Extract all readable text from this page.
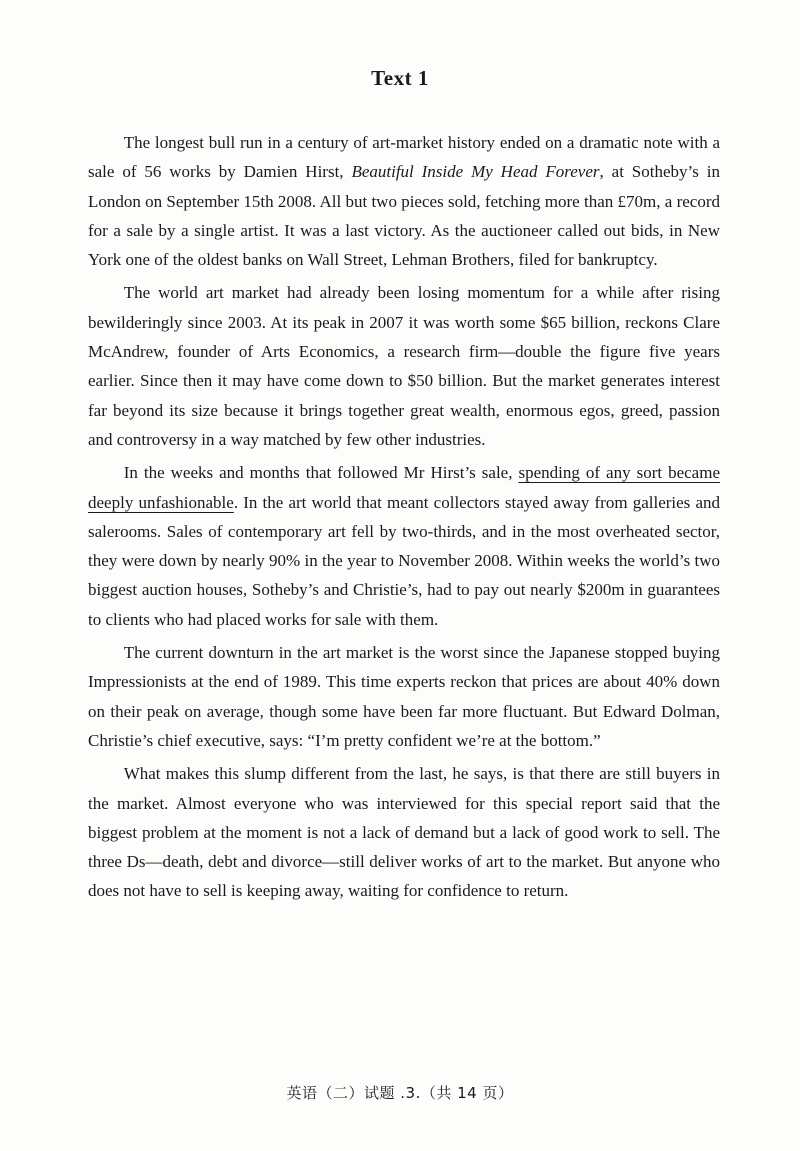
Text 1

The longest bull run in a century of art-market history ended on a dramatic note with a sale of 56 works by Damien Hirst, Beautiful Inside My Head Forever, at Sotheby’s in London on September 15th 2008. All but two pieces sold, fetching more than £70m, a record for a sale by a single artist. It was a last victory. As the auctioneer called out bids, in New York one of the oldest banks on Wall Street, Lehman Brothers, filed for bankruptcy.

The world art market had already been losing momentum for a while after rising bewilderingly since 2003. At its peak in 2007 it was worth some $65 billion, reckons Clare McAndrew, founder of Arts Economics, a research firm—double the figure five years earlier. Since then it may have come down to $50 billion. But the market generates interest far beyond its size because it brings together great wealth, enormous egos, greed, passion and controversy in a way matched by few other industries.

In the weeks and months that followed Mr Hirst’s sale, spending of any sort became deeply unfashionable. In the art world that meant collectors stayed away from galleries and salerooms. Sales of contemporary art fell by two-thirds, and in the most overheated sector, they were down by nearly 90% in the year to November 2008. Within weeks the world’s two biggest auction houses, Sotheby’s and Christie’s, had to pay out nearly $200m in guarantees to clients who had placed works for sale with them.

The current downturn in the art market is the worst since the Japanese stopped buying Impressionists at the end of 1989. This time experts reckon that prices are about 40% down on their peak on average, though some have been far more fluctuant. But Edward Dolman, Christie’s chief executive, says: “I’m pretty confident we’re at the bottom.”

What makes this slump different from the last, he says, is that there are still buyers in the market. Almost everyone who was interviewed for this special report said that the biggest problem at the moment is not a lack of demand but a lack of good work to sell. The three Ds—death, debt and divorce—still deliver works of art to the market. But anyone who does not have to sell is keeping away, waiting for confidence to return.

英语（二）试题 .3.（共 14 页）
